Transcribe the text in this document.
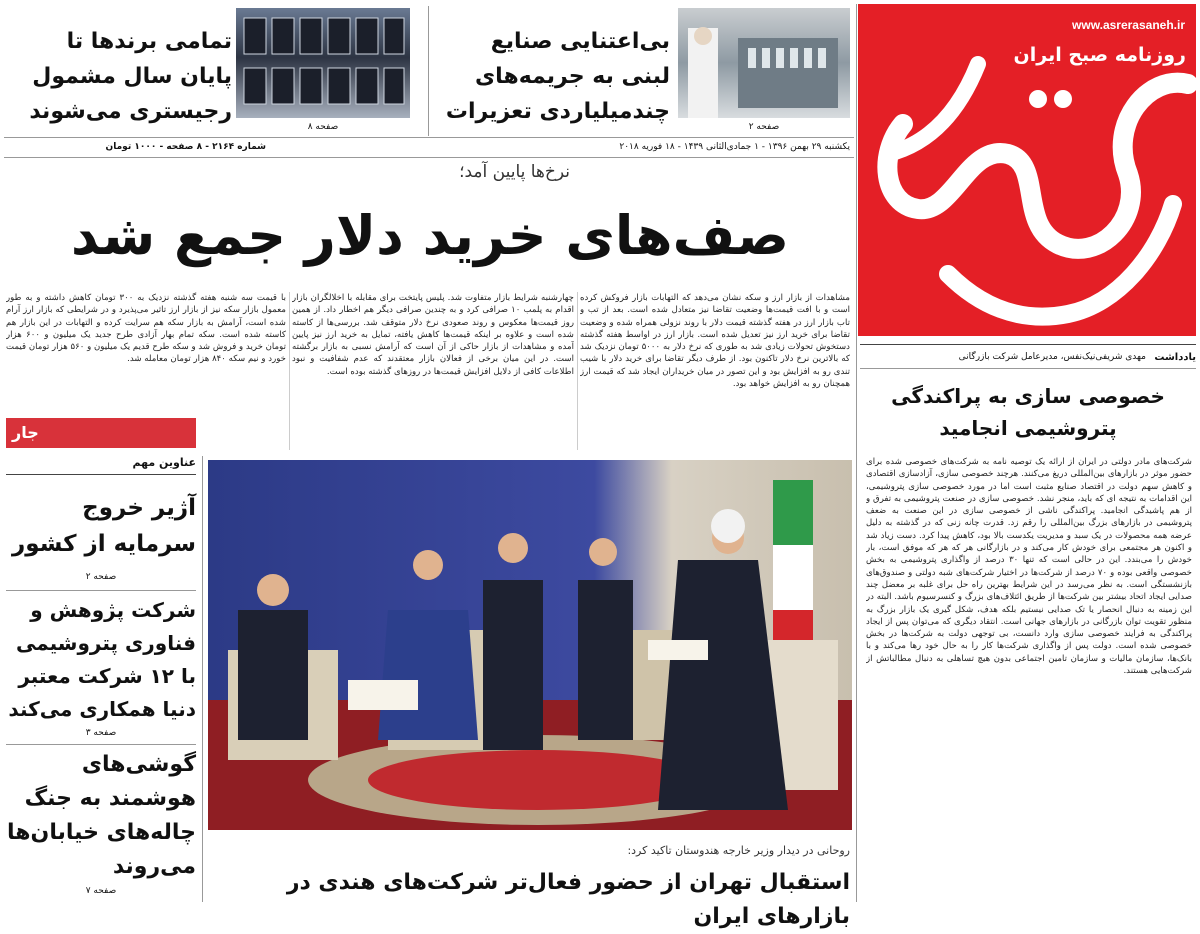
www.asrerasaneh.ir
روزنامه صبح ایران
تمامی برندها تا پایان سال مشمول رجیستری می‌شوند
صفحه ۸
بی‌اعتنایی صنایع لبنی به جریمه‌های چندمیلیاردی تعزیرات
صفحه ۲
یکشنبه ۲۹ بهمن ۱۳۹۶ - ۱ جمادی‌الثانی ۱۴۳۹ - ۱۸ فوریه ۲۰۱۸
شماره ۲۱۶۴ - ۸ صفحه - ۱۰۰۰ تومان
نرخ‌ها پایین آمد؛
صف‌های خرید دلار جمع شد
مشاهدات از بازار ارز و سکه نشان می‌دهد که التهابات بازار فروکش کرده است و با افت قیمت‌ها وضعیت تقاضا نیز متعادل شده است. بعد از تب و تاب بازار ارز در هفته گذشته قیمت دلار با روند نزولی همراه شده و وضعیت تقاضا برای خرید ارز نیز تعدیل شده است. بازار ارز در اواسط هفته گذشته دستخوش تحولات زیادی شد به طوری که نرخ دلار به ۵۰۰۰ تومان نزدیک شد که بالاترین نرخ دلار تاکنون بود. از طرف دیگر تقاضا برای خرید دلار با شیب تندی رو به افزایش بود و این تصور در میان خریداران ایجاد شد که قیمت ارز همچنان رو به افزایش خواهد بود.
چهارشنبه شرایط بازار متفاوت شد. پلیس پایتخت برای مقابله با اخلالگران بازار اقدام به پلمب ۱۰ صرافی کرد و به چندین صرافی دیگر هم اخطار داد. از همین روز قیمت‌ها معکوس و روند صعودی نرخ دلار متوقف شد. بررسی‌ها از کاسته شده است و علاوه بر اینکه قیمت‌ها کاهش یافته، تمایل به خرید ارز نیز پایین آمده و مشاهدات از بازار حاکی از آن است که آرامش نسبی به بازار برگشته است. در این میان برخی از فعالان بازار معتقدند که عدم شفافیت و نبود اطلاعات کافی از دلایل افزایش قیمت‌ها در روزهای گذشته بوده است.
با قیمت سه شنبه هفته گذشته نزدیک به ۳۰۰ تومان کاهش داشته و به طور معمول بازار سکه نیز از بازار ارز تاثیر می‌پذیرد و در شرایطی که بازار ارز آرام شده است، آرامش به بازار سکه هم سرایت کرده و التهابات در این بازار هم کاسته شده است. سکه تمام بهار آزادی طرح جدید یک میلیون و ۶۰۰ هزار تومان خرید و فروش شد و سکه طرح قدیم یک میلیون و ۵۶۰ هزار تومان قیمت خورد و نیم سکه ۸۴۰ هزار تومان معامله شد.
جار
عناوین مهم
آژیر خروج سرمایه از کشور
صفحه ۲
شرکت پژوهش و فناوری پتروشیمی با ۱۲ شرکت معتبر دنیا همکاری می‌کند
صفحه ۳
گوشی‌های هوشمند به جنگ چاله‌های خیابان‌ها می‌روند
صفحه ۷
روحانی در دیدار وزیر خارجه هندوستان تاکید کرد:
استقبال تهران از حضور فعال‌تر شرکت‌های هندی در بازارهای ایران
یادداشت
مهدی شریفی‌نیک‌نفس، مدیرعامل شرکت بازرگانی
خصوصی سازی به پراکندگی پتروشیمی انجامید
شرکت‌های مادر دولتی در ایران از ارائه یک توصیه نامه به شرکت‌های خصوصی شده برای حضور موثر در بازارهای بین‌المللی دریغ می‌کنند. هرچند خصوصی سازی، آزادسازی اقتصادی و کاهش سهم دولت در اقتصاد صنایع مثبت است اما در مورد خصوصی سازی پتروشیمی، این اقدامات به نتیجه ای که باید، منجر نشد. خصوصی سازی در صنعت پتروشیمی به تفرق و از هم پاشیدگی انجامید. پراکندگی ناشی از خصوصی سازی در این صنعت به ضعف پتروشیمی در بازارهای بزرگ بین‌المللی را رقم زد. قدرت چانه زنی که در گذشته به دلیل عرضه همه محصولات در یک سبد و مدیریت یکدست بالا بود، کاهش پیدا کرد. دست زیاد شد و اکنون هر مجتمعی برای خودش کار می‌کند و در بازارگانی هر که هر که موفق است، بار خودش را می‌بندد. این در حالی است که تنها ۳۰ درصد از واگذاری پتروشیمی به بخش خصوصی واقعی بوده و ۷۰ درصد از شرکت‌ها در اختیار شرکت‌های شبه دولتی و صندوق‌های بازنشستگی است. به نظر می‌رسد در این شرایط بهترین راه حل برای غلبه بر معضل چند صدایی ایجاد اتحاد بیشتر بین شرکت‌ها از طریق ائتلاف‌های بزرگ و کنسرسیوم باشد. البته در این زمینه به دنبال انحصار یا تک صدایی نیستیم بلکه هدف، شکل گیری یک بازار بزرگ به منظور تقویت توان بازرگانی در بازارهای جهانی است. انتقاد دیگری که می‌توان پس از ایجاد پراکندگی به فرایند خصوصی سازی وارد دانست، بی توجهی دولت به شرکت‌ها در بخش خصوصی شده است. دولت پس از واگذاری شرکت‌ها کار را به حال خود رها می‌کند و با بانک‌ها، سازمان مالیات و سازمان تامین اجتماعی بدون هیچ تساهلی به دنبال مطالباتش از شرکت‌هایی هستند.
